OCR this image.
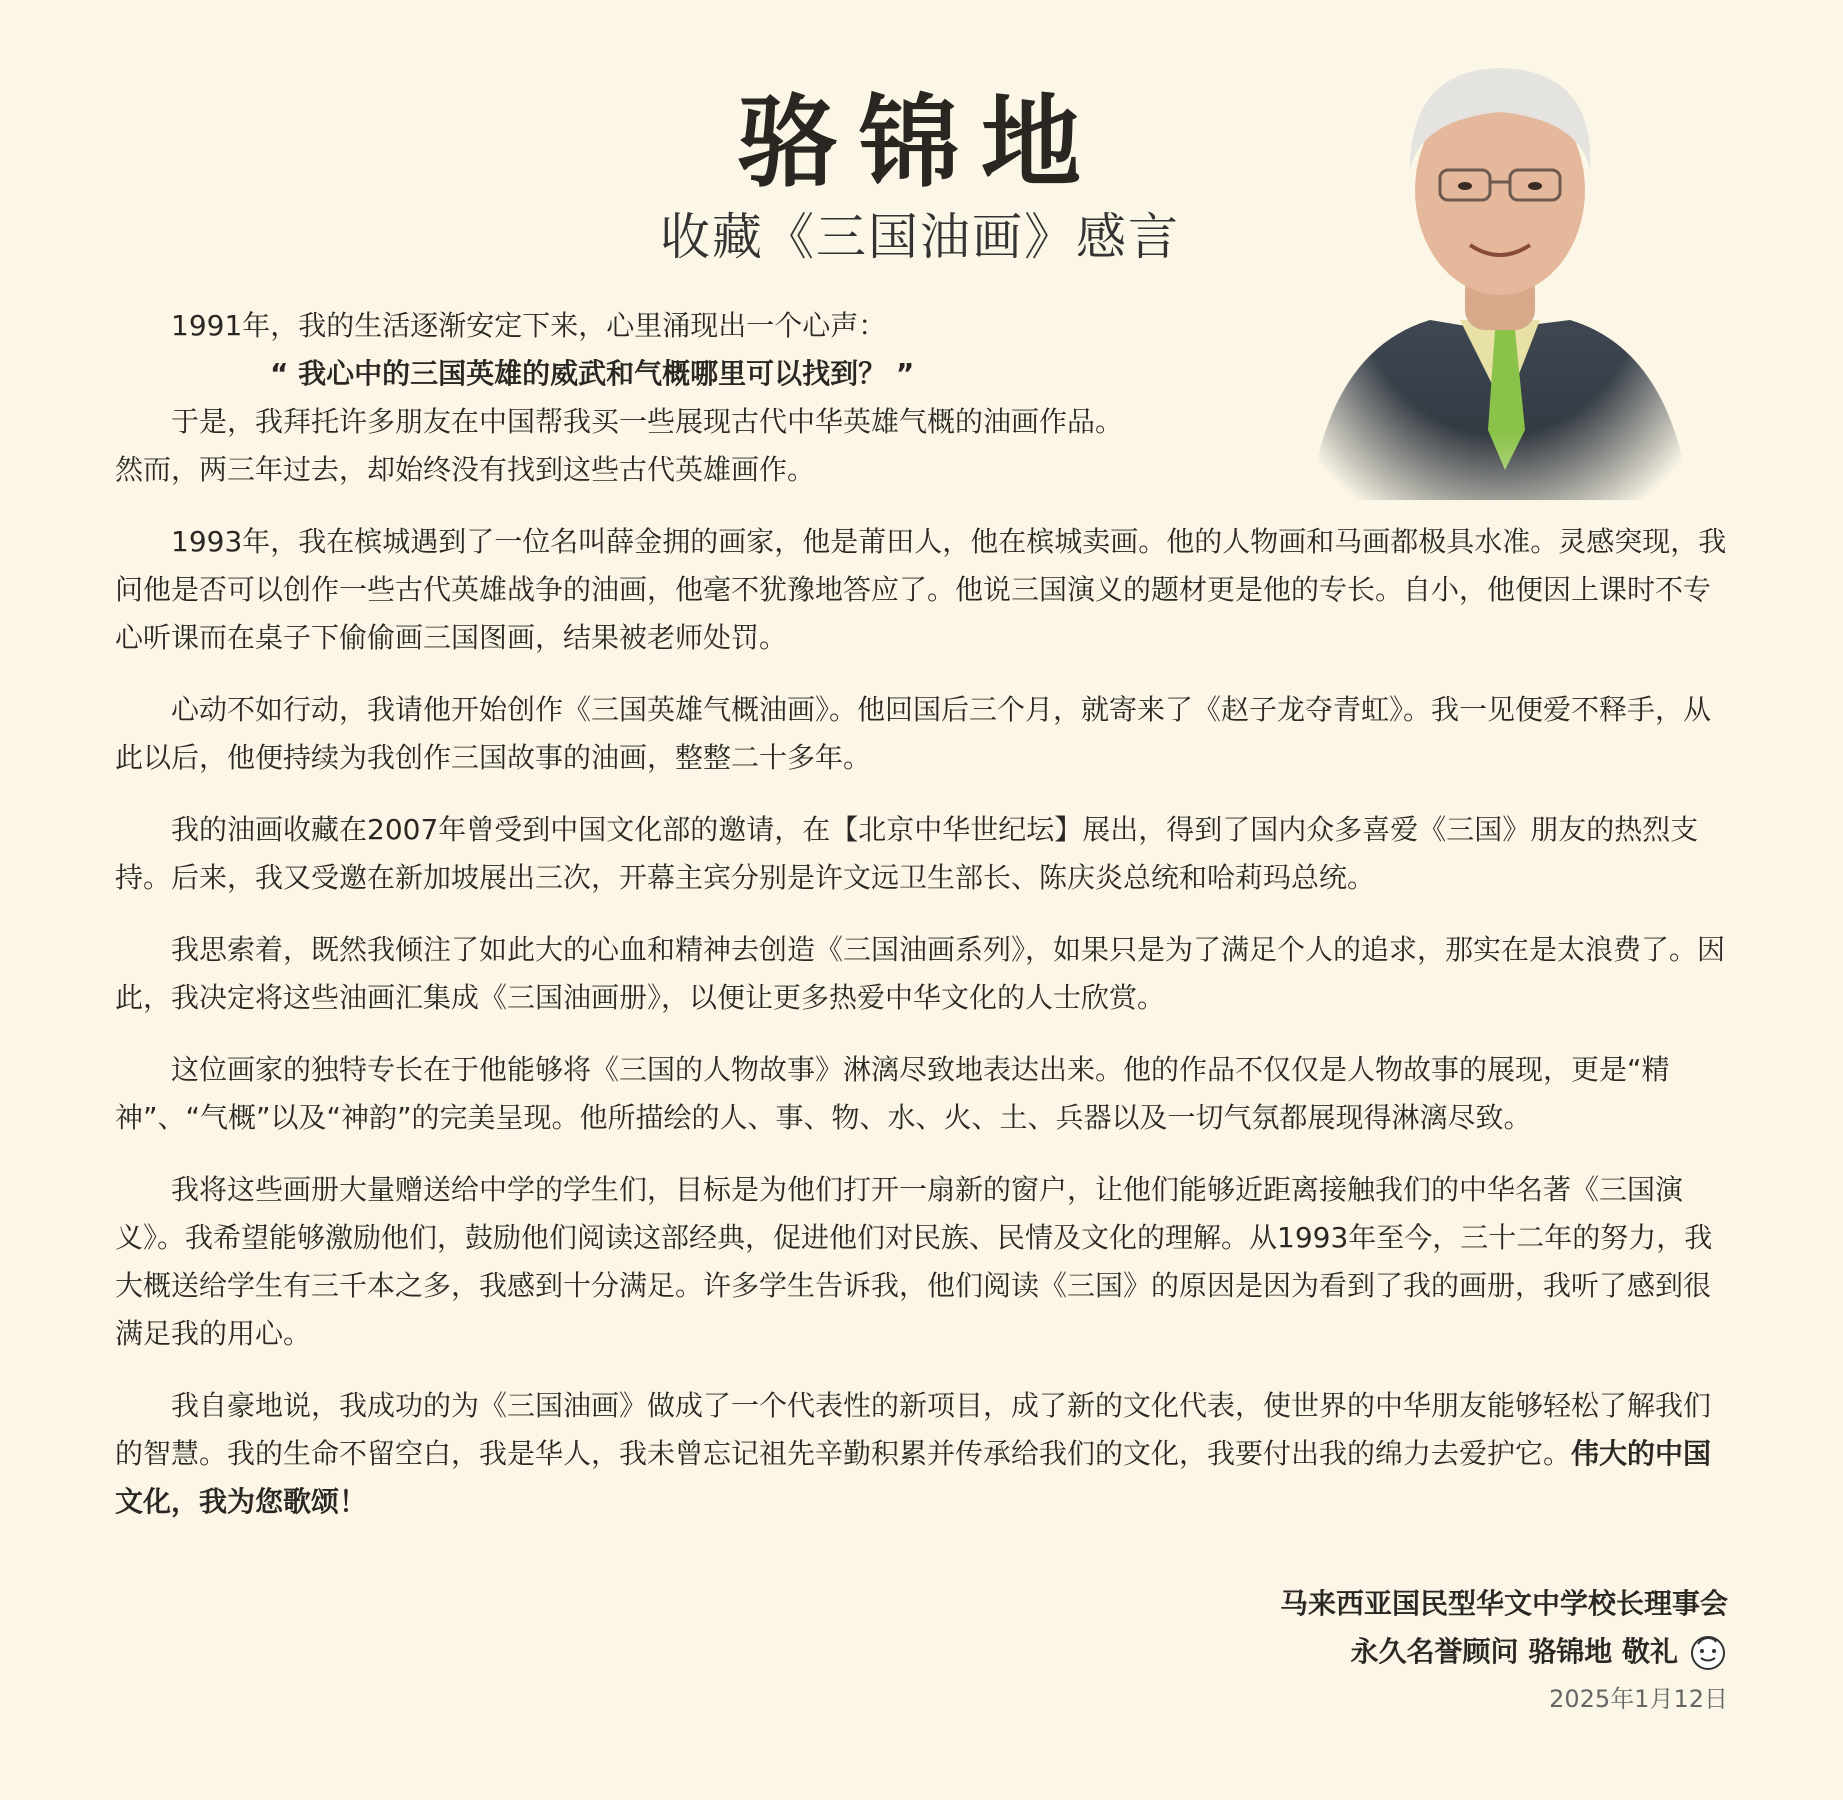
骆锦地
收藏《三国油画》感言

1991年，我的生活逐渐安定下来，心里涌现出一个心声：

“ 我心中的三国英雄的威武和气概哪里可以找到？ ”

于是，我拜托许多朋友在中国帮我买一些展现古代中华英雄气概的油画作品。

然而，两三年过去，却始终没有找到这些古代英雄画作。

1993年，我在槟城遇到了一位名叫薛金拥的画家，他是莆田人，他在槟城卖画。他的人物画和马画都极具水准。灵感突现，我问他是否可以创作一些古代英雄战争的油画，他毫不犹豫地答应了。他说三国演义的题材更是他的专长。自小，他便因上课时不专心听课而在桌子下偷偷画三国图画，结果被老师处罚。

心动不如行动，我请他开始创作《三国英雄气概油画》。他回国后三个月，就寄来了《赵子龙夺青虹》。我一见便爱不释手，从此以后，他便持续为我创作三国故事的油画，整整二十多年。

我的油画收藏在2007年曾受到中国文化部的邀请，在【北京中华世纪坛】展出，得到了国内众多喜爱《三国》朋友的热烈支持。后来，我又受邀在新加坡展出三次，开幕主宾分别是许文远卫生部长、陈庆炎总统和哈莉玛总统。

我思索着，既然我倾注了如此大的心血和精神去创造《三国油画系列》，如果只是为了满足个人的追求，那实在是太浪费了。因此，我决定将这些油画汇集成《三国油画册》，以便让更多热爱中华文化的人士欣赏。

这位画家的独特专长在于他能够将《三国的人物故事》淋漓尽致地表达出来。他的作品不仅仅是人物故事的展现，更是“精神”、“气概”以及“神韵”的完美呈现。他所描绘的人、事、物、水、火、土、兵器以及一切气氛都展现得淋漓尽致。

我将这些画册大量赠送给中学的学生们，目标是为他们打开一扇新的窗户，让他们能够近距离接触我们的中华名著《三国演义》。我希望能够激励他们，鼓励他们阅读这部经典，促进他们对民族、民情及文化的理解。从1993年至今，三十二年的努力，我大概送给学生有三千本之多，我感到十分满足。许多学生告诉我，他们阅读《三国》的原因是因为看到了我的画册，我听了感到很满足我的用心。

我自豪地说，我成功的为《三国油画》做成了一个代表性的新项目，成了新的文化代表，使世界的中华朋友能够轻松了解我们的智慧。我的生命不留空白，我是华人，我未曾忘记祖先辛勤积累并传承给我们的文化，我要付出我的绵力去爱护它。伟大的中国文化，我为您歌颂！

马来西亚国民型华文中学校长理事会
永久名誉顾问 骆锦地 敬礼
2025年1月12日
